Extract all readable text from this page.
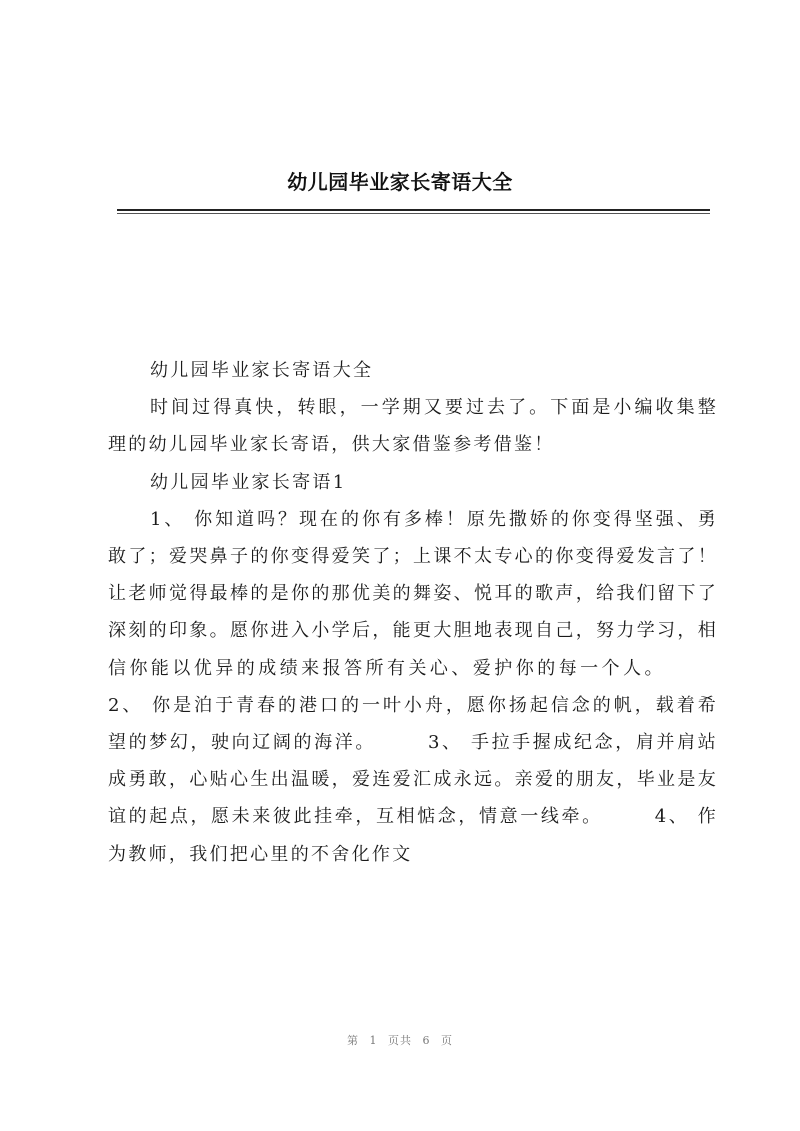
幼儿园毕业家长寄语大全

幼儿园毕业家长寄语大全

时间过得真快，转眼，一学期又要过去了。下面是小编收集整理的幼儿园毕业家长寄语，供大家借鉴参考借鉴！

幼儿园毕业家长寄语1

1、 你知道吗？现在的你有多棒！原先撒娇的你变得坚强、勇敢了；爱哭鼻子的你变得爱笑了；上课不太专心的你变得爱发言了！让老师觉得最棒的是你的那优美的舞姿、悦耳的歌声，给我们留下了深刻的印象。愿你进入小学后，能更大胆地表现自己，努力学习，相信你能以优异的成绩来报答所有关心、爱护你的每一个人。2、 你是泊于青春的港口的一叶小舟，愿你扬起信念的帆，载着希望的梦幻，驶向辽阔的海洋。	3、 手拉手握成纪念，肩并肩站成勇敢，心贴心生出温暖，爱连爱汇成永远。亲爱的朋友，毕业是友谊的起点，愿未来彼此挂牵，互相惦念，情意一线牵。	4、 作为教师，我们把心里的不舍化作文

第 1 页共 6 页
